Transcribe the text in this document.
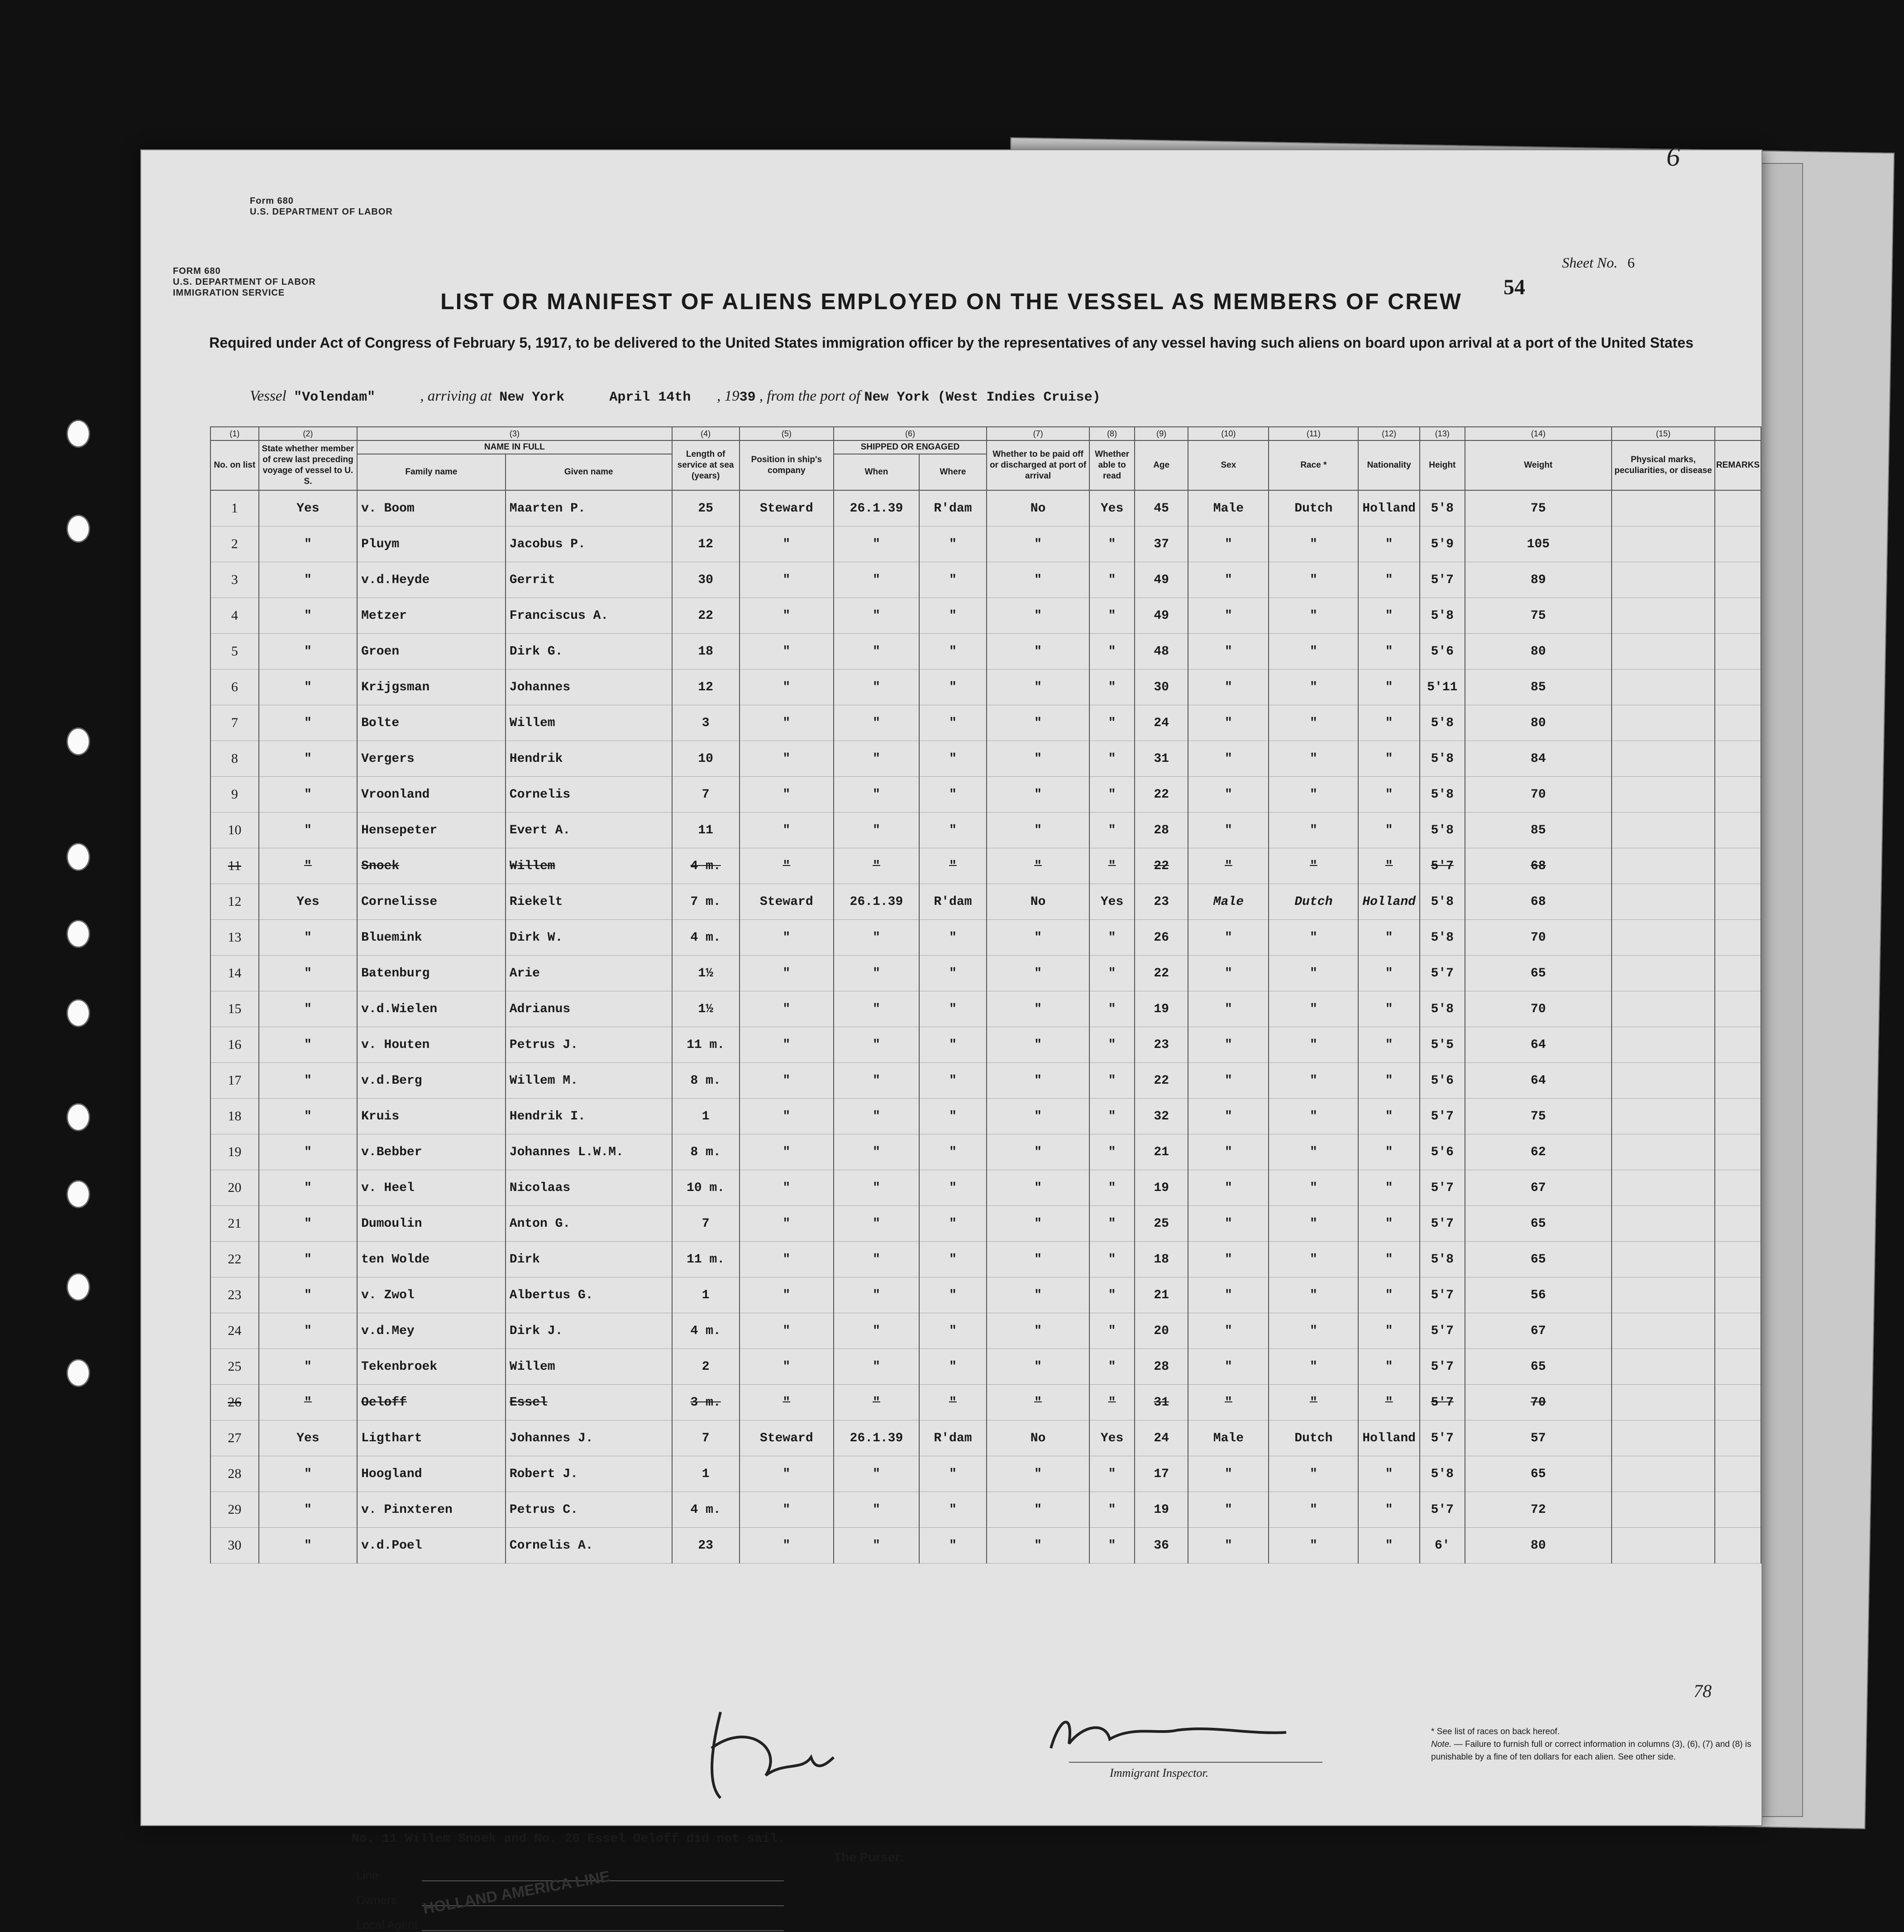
6
Form 680
U.S. DEPARTMENT OF LABOR
FORM 680
U.S. DEPARTMENT OF LABOR
IMMIGRATION SERVICE
Sheet No. 6
54
LIST OR MANIFEST OF ALIENS EMPLOYED ON THE VESSEL AS MEMBERS OF CREW
Required under Act of Congress of February 5, 1917, to be delivered to the United States immigration officer by the representatives of any vessel having such aliens on board upon arrival at a port of the United States
Vessel "Volendam"	, arriving at New York	April 14th , 1939 , from the port of New York (West Indies Cruise)
(1)	(2)	(3)		(4)	(5)	(6)		(7)	(8)	(9)	(10)	(11)	(12)	(13)	(14)	(15)	
No. on list	State whether member of crew last preceding voyage of vessel to U. S.	NAME IN FULL		Length of service at sea (years)	Position in ship's company	SHIPPED OR ENGAGED		Whether to be paid off or discharged at port of arrival	Whether able to read	Age	Sex	Race *	Nationality	Height	Weight	Physical marks, peculiarities, or disease	REMARKS
		Family name	Given name			When	Where										
1	Yes	v. Boom	Maarten P.	25	Steward	26.1.39	R'dam	No	Yes	45	Male	Dutch	Holland	5'8	75		
2	"	Pluym	Jacobus P.	12	"	"	"	"	"	37	"	"	"	5'9	105		
3	"	v.d.Heyde	Gerrit	30	"	"	"	"	"	49	"	"	"	5'7	89		
4	"	Metzer	Franciscus A.	22	"	"	"	"	"	49	"	"	"	5'8	75		
5	"	Groen	Dirk G.	18	"	"	"	"	"	48	"	"	"	5'6	80		
6	"	Krijgsman	Johannes	12	"	"	"	"	"	30	"	"	"	5'11	85		
7	"	Bolte	Willem	3	"	"	"	"	"	24	"	"	"	5'8	80		
8	"	Vergers	Hendrik	10	"	"	"	"	"	31	"	"	"	5'8	84		
9	"	Vroonland	Cornelis	7	"	"	"	"	"	22	"	"	"	5'8	70		
10	"	Hensepeter	Evert A.	11	"	"	"	"	"	28	"	"	"	5'8	85		
11	"	Snoek	Willem	4 m.	"	"	"	"	"	22	"	"	"	5'7	68		
12	Yes	Cornelisse	Riekelt	7 m.	Steward	26.1.39	R'dam	No	Yes	23	Male	Dutch	Holland	5'8	68		
13	"	Bluemink	Dirk W.	4 m.	"	"	"	"	"	26	"	"	"	5'8	70		
14	"	Batenburg	Arie	1½	"	"	"	"	"	22	"	"	"	5'7	65		
15	"	v.d.Wielen	Adrianus	1½	"	"	"	"	"	19	"	"	"	5'8	70		
16	"	v. Houten	Petrus J.	11 m.	"	"	"	"	"	23	"	"	"	5'5	64		
17	"	v.d.Berg	Willem M.	8 m.	"	"	"	"	"	22	"	"	"	5'6	64		
18	"	Kruis	Hendrik I.	1	"	"	"	"	"	32	"	"	"	5'7	75		
19	"	v.Bebber	Johannes L.W.M.	8 m.	"	"	"	"	"	21	"	"	"	5'6	62		
20	"	v. Heel	Nicolaas	10 m.	"	"	"	"	"	19	"	"	"	5'7	67		
21	"	Dumoulin	Anton G.	7	"	"	"	"	"	25	"	"	"	5'7	65		
22	"	ten Wolde	Dirk	11 m.	"	"	"	"	"	18	"	"	"	5'8	65		
23	"	v. Zwol	Albertus G.	1	"	"	"	"	"	21	"	"	"	5'7	56		
24	"	v.d.Mey	Dirk J.	4 m.	"	"	"	"	"	20	"	"	"	5'7	67		
25	"	Tekenbroek	Willem	2	"	"	"	"	"	28	"	"	"	5'7	65		
26	"	Oeloff	Essel	3 m.	"	"	"	"	"	31	"	"	"	5'7	70		
27	Yes	Ligthart	Johannes J.	7	Steward	26.1.39	R'dam	No	Yes	24	Male	Dutch	Holland	5'7	57		
28	"	Hoogland	Robert J.	1	"	"	"	"	"	17	"	"	"	5'8	65		
29	"	v. Pinxteren	Petrus C.	4 m.	"	"	"	"	"	19	"	"	"	5'7	72		
30	"	v.d.Poel	Cornelis A.	23	"	"	"	"	"	36	"	"	"	6'	80		
No. 11 Willem Snoek and No. 26 Essel Oeloff did not sail.
The Purser:
Line
Owners
Local Agent
HOLLAND AMERICA LINE
Immigrant Inspector.
* See list of races on back hereof.
Note. — Failure to furnish full or correct information in columns (3), (6), (7) and (8) is punishable by a fine of ten dollars for each alien. See other side.
78
